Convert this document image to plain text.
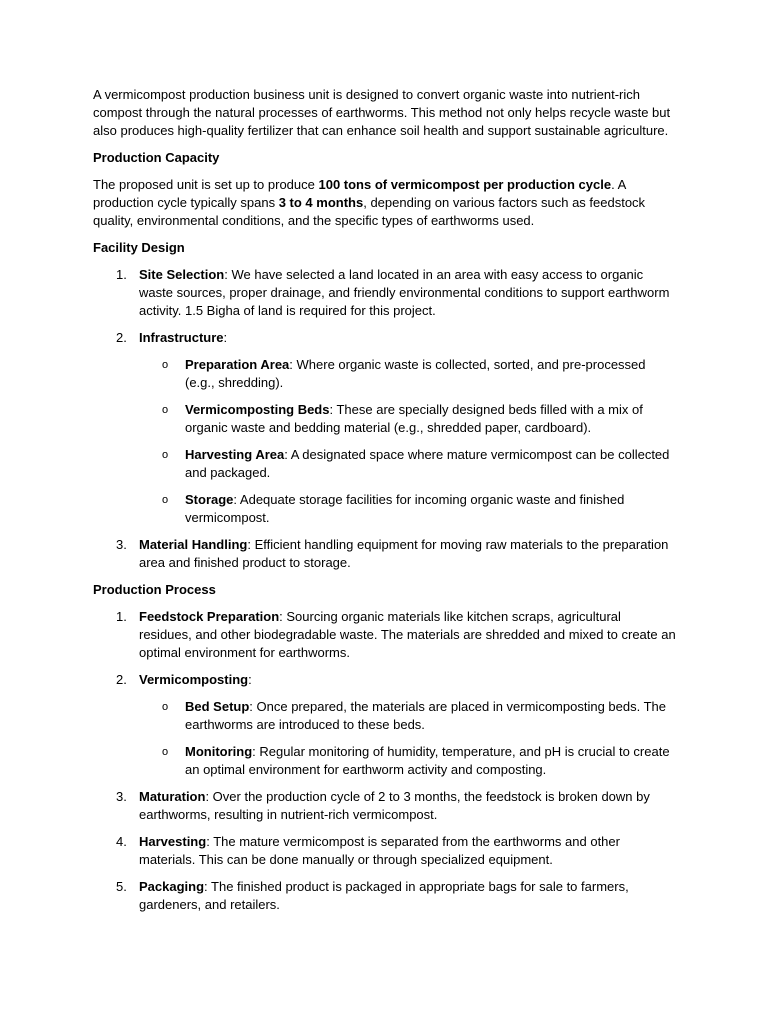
A vermicompost production business unit is designed to convert organic waste into nutrient-rich compost through the natural processes of earthworms. This method not only helps recycle waste but also produces high-quality fertilizer that can enhance soil health and support sustainable agriculture.

Production Capacity

The proposed unit is set up to produce 100 tons of vermicompost per production cycle. A production cycle typically spans 3 to 4 months, depending on various factors such as feedstock quality, environmental conditions, and the specific types of earthworms used.

Facility Design

1. Site Selection: We have selected a land located in an area with easy access to organic waste sources, proper drainage, and friendly environmental conditions to support earthworm activity. 1.5 Bigha of land is required for this project.
2. Infrastructure:
o Preparation Area: Where organic waste is collected, sorted, and pre-processed (e.g., shredding).
o Vermicomposting Beds: These are specially designed beds filled with a mix of organic waste and bedding material (e.g., shredded paper, cardboard).
o Harvesting Area: A designated space where mature vermicompost can be collected and packaged.
o Storage: Adequate storage facilities for incoming organic waste and finished vermicompost.
3. Material Handling: Efficient handling equipment for moving raw materials to the preparation area and finished product to storage.

Production Process

1. Feedstock Preparation: Sourcing organic materials like kitchen scraps, agricultural residues, and other biodegradable waste. The materials are shredded and mixed to create an optimal environment for earthworms.
2. Vermicomposting:
o Bed Setup: Once prepared, the materials are placed in vermicomposting beds. The earthworms are introduced to these beds.
o Monitoring: Regular monitoring of humidity, temperature, and pH is crucial to create an optimal environment for earthworm activity and composting.
3. Maturation: Over the production cycle of 2 to 3 months, the feedstock is broken down by earthworms, resulting in nutrient-rich vermicompost.
4. Harvesting: The mature vermicompost is separated from the earthworms and other materials. This can be done manually or through specialized equipment.
5. Packaging: The finished product is packaged in appropriate bags for sale to farmers, gardeners, and retailers.
